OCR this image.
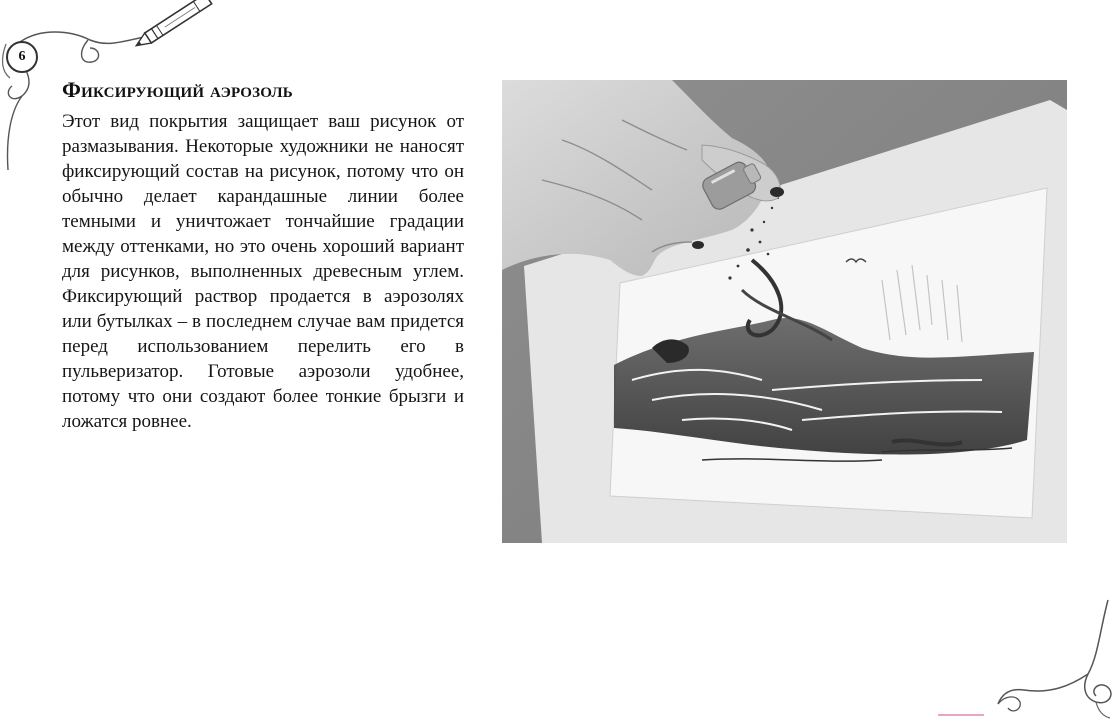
6
Фиксирующий аэрозоль

Этот вид покрытия защищает ваш рисунок от размазывания. Некоторые художники не наносят фиксирующий состав на рисунок, потому что он обычно делает карандашные линии более темными и уничтожает тончайшие градации между оттенками, но это очень хороший вариант для рисунков, выполненных древесным углем. Фиксирующий раствор продается в аэрозолях или бутылках – в последнем случае вам придется перед использованием перелить его в пульверизатор. Готовые аэрозоли удобнее, потому что они создают более тонкие брызги и ложатся ровнее.
